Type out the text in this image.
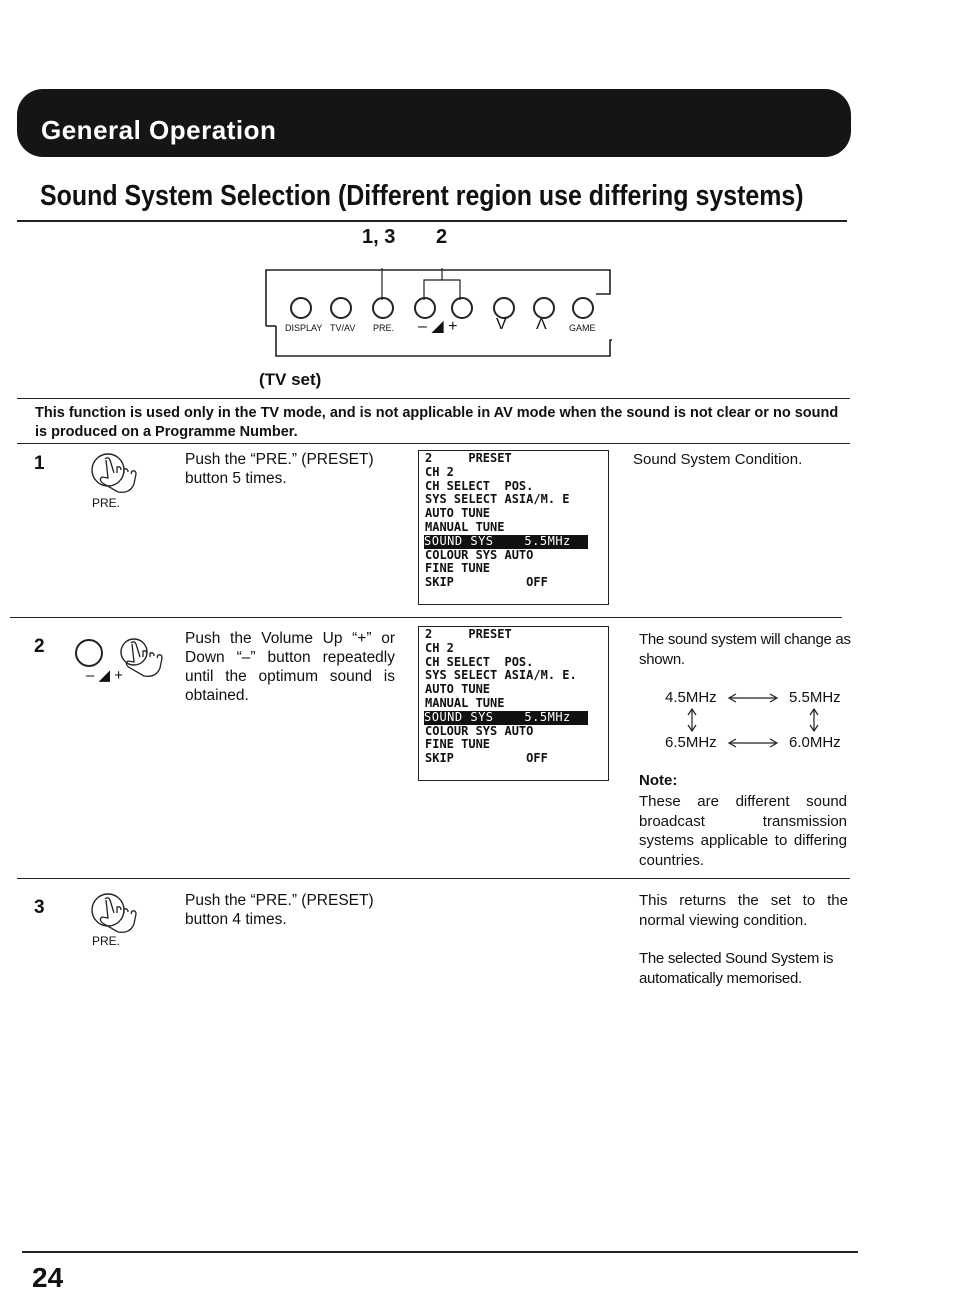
General Operation
Sound System Selection (Different region use differing systems)
1, 3 2
DISPLAY TV/AV PRE. – ◢ + V Λ GAME
(TV set)
This function is used only in the TV mode, and is not applicable in AV mode when the sound is not clear or no sound is produced on a Programme Number.
1
PRE.
Push the “PRE.” (PRESET) button 5 times.
2     PRESET
CH 2
CH SELECT  POS.
SYS SELECT ASIA/M. E
AUTO TUNE
MANUAL TUNE
SOUND SYS    5.5MHz
COLOUR SYS AUTO
FINE TUNE
SKIP          OFF
Sound System Condition.
2
– ◢ +
Push the Volume Up “+” or Down “–” button repeatedly until the optimum sound is obtained.
2     PRESET
CH 2
CH SELECT  POS.
SYS SELECT ASIA/M. E.
AUTO TUNE
MANUAL TUNE
SOUND SYS    5.5MHz
COLOUR SYS AUTO
FINE TUNE
SKIP          OFF
The sound system will change as shown.
4.5MHz	5.5MHz
6.5MHz	6.0MHz
Note:
These are different sound broadcast transmission systems applicable to differing countries.
3
PRE.
Push the “PRE.” (PRESET) button 4 times.
This returns the set to the normal viewing condition.
The selected Sound System is automatically memorised.
24
